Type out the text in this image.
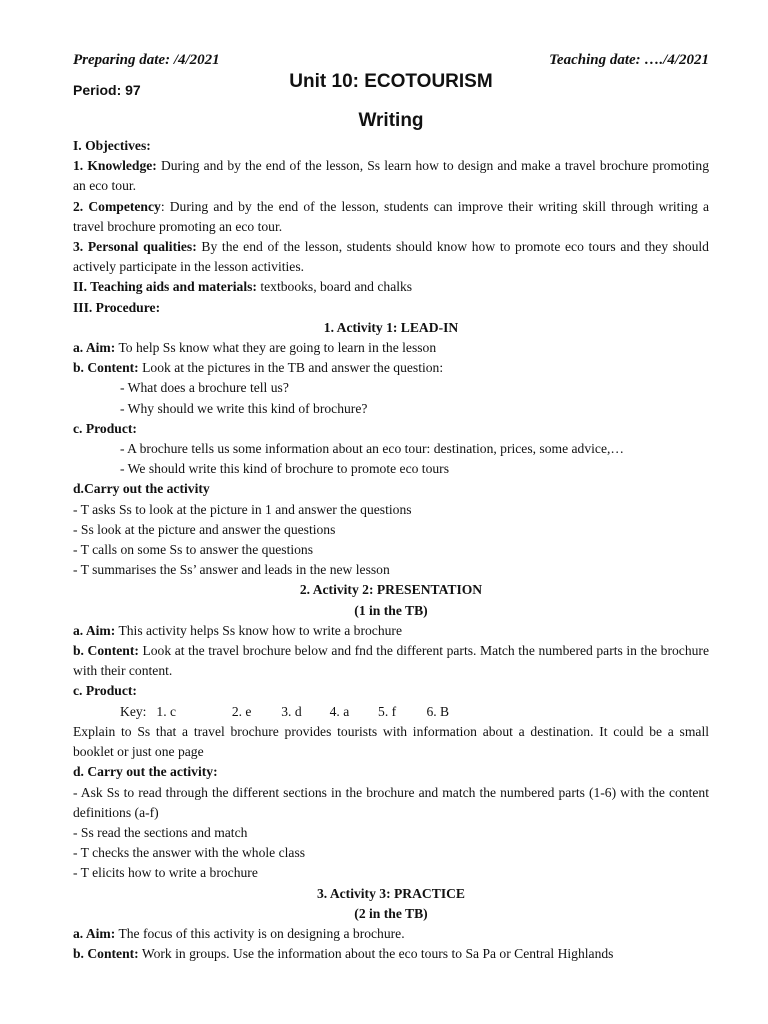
Preparing date: /4/2021	Teaching date: …./4/2021
Period: 97	Unit 10: ECOTOURISM
Writing

I. Objectives:

1. Knowledge: During and by the end of the lesson, Ss learn how to design and make a travel brochure promoting an eco tour.

2. Competency: During and by the end of the lesson, students can improve their writing skill through writing a travel brochure promoting an eco tour.

3. Personal qualities: By the end of the lesson, students should know how to promote eco tours and they should actively participate in the lesson activities.

II. Teaching aids and materials: textbooks, board and chalks

III. Procedure:

1. Activity 1: LEAD-IN

a. Aim: To help Ss know what they are going to learn in the lesson

b. Content: Look at the pictures in the TB and answer the question:

- What does a brochure tell us?

- Why should we write this kind of brochure?

c. Product:

- A brochure tells us some information about an eco tour: destination, prices, some advice,…

- We should write this kind of brochure to promote eco tours

d.Carry out the activity

- T asks Ss to look at the picture in 1 and answer the questions

- Ss look at the picture and answer the questions

- T calls on some Ss to answer the questions

- T summarises the Ss’ answer and leads in the new lesson

2. Activity 2: PRESENTATION

(1 in the TB)

a. Aim: This activity helps Ss know how to write a brochure

b. Content: Look at the travel brochure below and fnd the different parts. Match the numbered parts in the brochure with their content.

c. Product:

Key: 1. c	2. e 3. d 4. a 5. f 6. B

Explain to Ss that a travel brochure provides tourists with information about a destination. It could be a small booklet or just one page

d. Carry out the activity:

- Ask Ss to read through the different sections in the brochure and match the numbered parts (1-6) with the content definitions (a-f)

- Ss read the sections and match

- T checks the answer with the whole class

- T elicits how to write a brochure

3. Activity 3: PRACTICE

(2 in the TB)

a. Aim: The focus of this activity is on designing a brochure.

b. Content: Work in groups. Use the information about the eco tours to Sa Pa or Central Highlands
